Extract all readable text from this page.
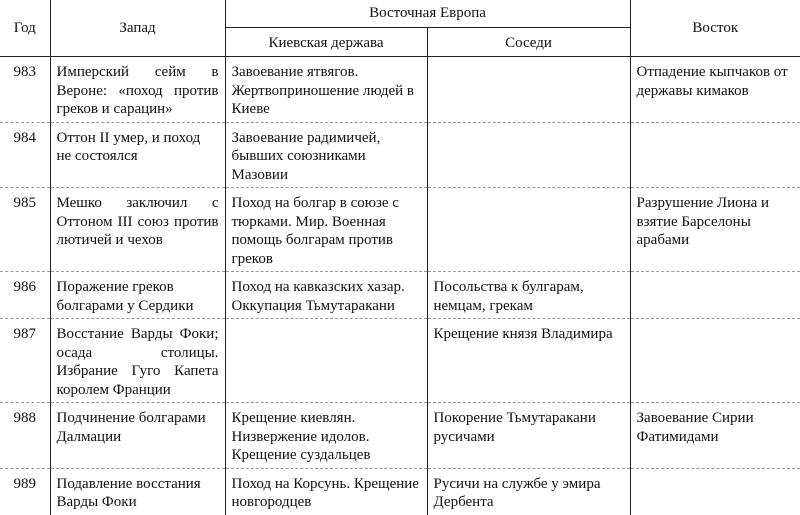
Год	Запад	Восточная Европа		Восток
		Киевская держава	Соседи	
983	Имперский сейм в Вероне: «поход против греков и сарацин»	Завоевание ятвягов. Жертвоприношение людей в Киеве		Отпадение кыпчаков от державы кимаков
984	Оттон II умер, и поход не состоялся	Завоевание радимичей, бывших союзниками Мазовии		
985	Мешко заключил с Оттоном III союз против лютичей и чехов	Поход на болгар в союзе с тюрками. Мир. Военная помощь болгарам против греков		Разрушение Лиона и взятие Барселоны арабами
986	Поражение греков болгарами у Сердики	Поход на кавказских хазар. Оккупация Тьмутаракани	Посольства к булгарам, немцам, грекам	
987	Восстание Варды Фоки; осада столицы. Избрание Гуго Капета королем Франции		Крещение князя Владимира	
988	Подчинение болгарами Далмации	Крещение киевлян. Низвержение идолов. Крещение суздальцев	Покорение Тьмутаракани русичами	Завоевание Сирии Фатимидами
989	Подавление восстания Варды Фоки	Поход на Корсунь. Крещение новгородцев	Русичи на службе у эмира Дербента	
